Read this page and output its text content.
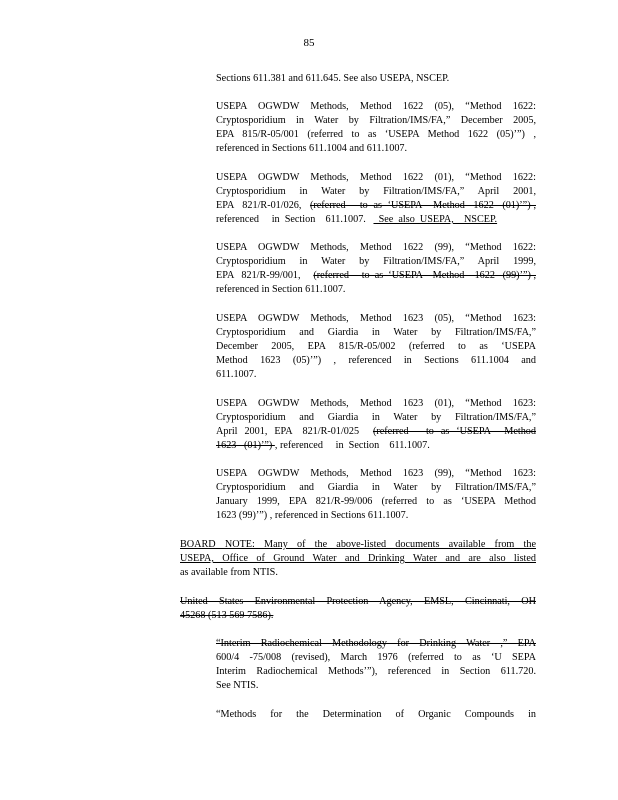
85
Sections 611.381 and 611.645. See also USEPA, NSCEP.
USEPA OGWDW Methods, Method 1622 (05), “Method 1622:
Cryptosporidium in Water by Filtration/IMS/FA,” December 2005,
EPA 815/R-05/001 (referred to as ‘USEPA Method 1622 (05)’”) ,
referenced in Sections 611.1004 and 611.1007.
USEPA OGWDW Methods, Method 1622 (01), “Method 1622:
Cryptosporidium in Water by Filtration/IMS/FA,” April 2001,
EPA   821/R-01/026,   (referred     to  as  ‘USEPA    Method   1622   (01)’”) ,
referenced     in  Section    611.1007.     See  also  USEPA,    NSCEP.
USEPA OGWDW Methods, Method 1622 (99), “Method 1622:
Cryptosporidium in Water by Filtration/IMS/FA,” April 1999,
EPA   821/R-99/001,     (referred     to  as  ‘USEPA    Method    1622   (99)’”) ,
referenced in Section 611.1007.
USEPA OGWDW Methods, Method 1623 (05), “Method 1623:
Cryptosporidium and Giardia in Water by Filtration/IMS/FA,”
December 2005, EPA 815/R-05/002 (referred to as ‘USEPA
Method 1623 (05)’”) , referenced in Sections 611.1004 and
611.1007.
USEPA OGWDW Methods, Method 1623 (01), “Method 1623:
Cryptosporidium and Giardia in Water by Filtration/IMS/FA,”
April  2001,  EPA   821/R-01/025    (referred     to  as  ‘USEPA    Method
1623   (01)’”) , referenced     in  Section    611.1007.
USEPA OGWDW Methods, Method 1623 (99), “Method 1623:
Cryptosporidium and Giardia in Water by Filtration/IMS/FA,”
January 1999, EPA 821/R-99/006 (referred to as ‘USEPA Method
1623 (99)’”) , referenced in Sections 611.1007.
BOARD NOTE: Many of the above-listed documents available from the
USEPA, Office of Ground Water and Drinking Water and are also listed
as available from NTIS.
United States Environmental Protection Agency, EMSL, Cincinnati, OH
45268 (513 569 7586).
“Interim Radiochemical Methodology for Drinking Water ,” EPA
600/4 -75/008 (revised), March 1976 (referred to as ‘U SEPA
Interim Radiochemical Methods’”), referenced in Section 611.720.
See NTIS.
“Methods for the Determination of Organic Compounds in
